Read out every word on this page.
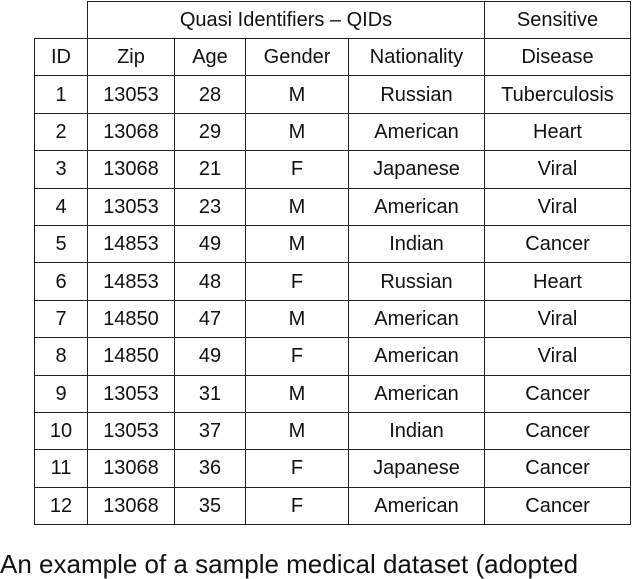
	Quasi Identifiers – QIDs				Sensitive
ID	Zip	Age	Gender	Nationality	Disease
1	13053	28	M	Russian	Tuberculosis
2	13068	29	M	American	Heart
3	13068	21	F	Japanese	Viral
4	13053	23	M	American	Viral
5	14853	49	M	Indian	Cancer
6	14853	48	F	Russian	Heart
7	14850	47	M	American	Viral
8	14850	49	F	American	Viral
9	13053	31	M	American	Cancer
10	13053	37	M	Indian	Cancer
11	13068	36	F	Japanese	Cancer
12	13068	35	F	American	Cancer
An example of a sample medical dataset (adopted
